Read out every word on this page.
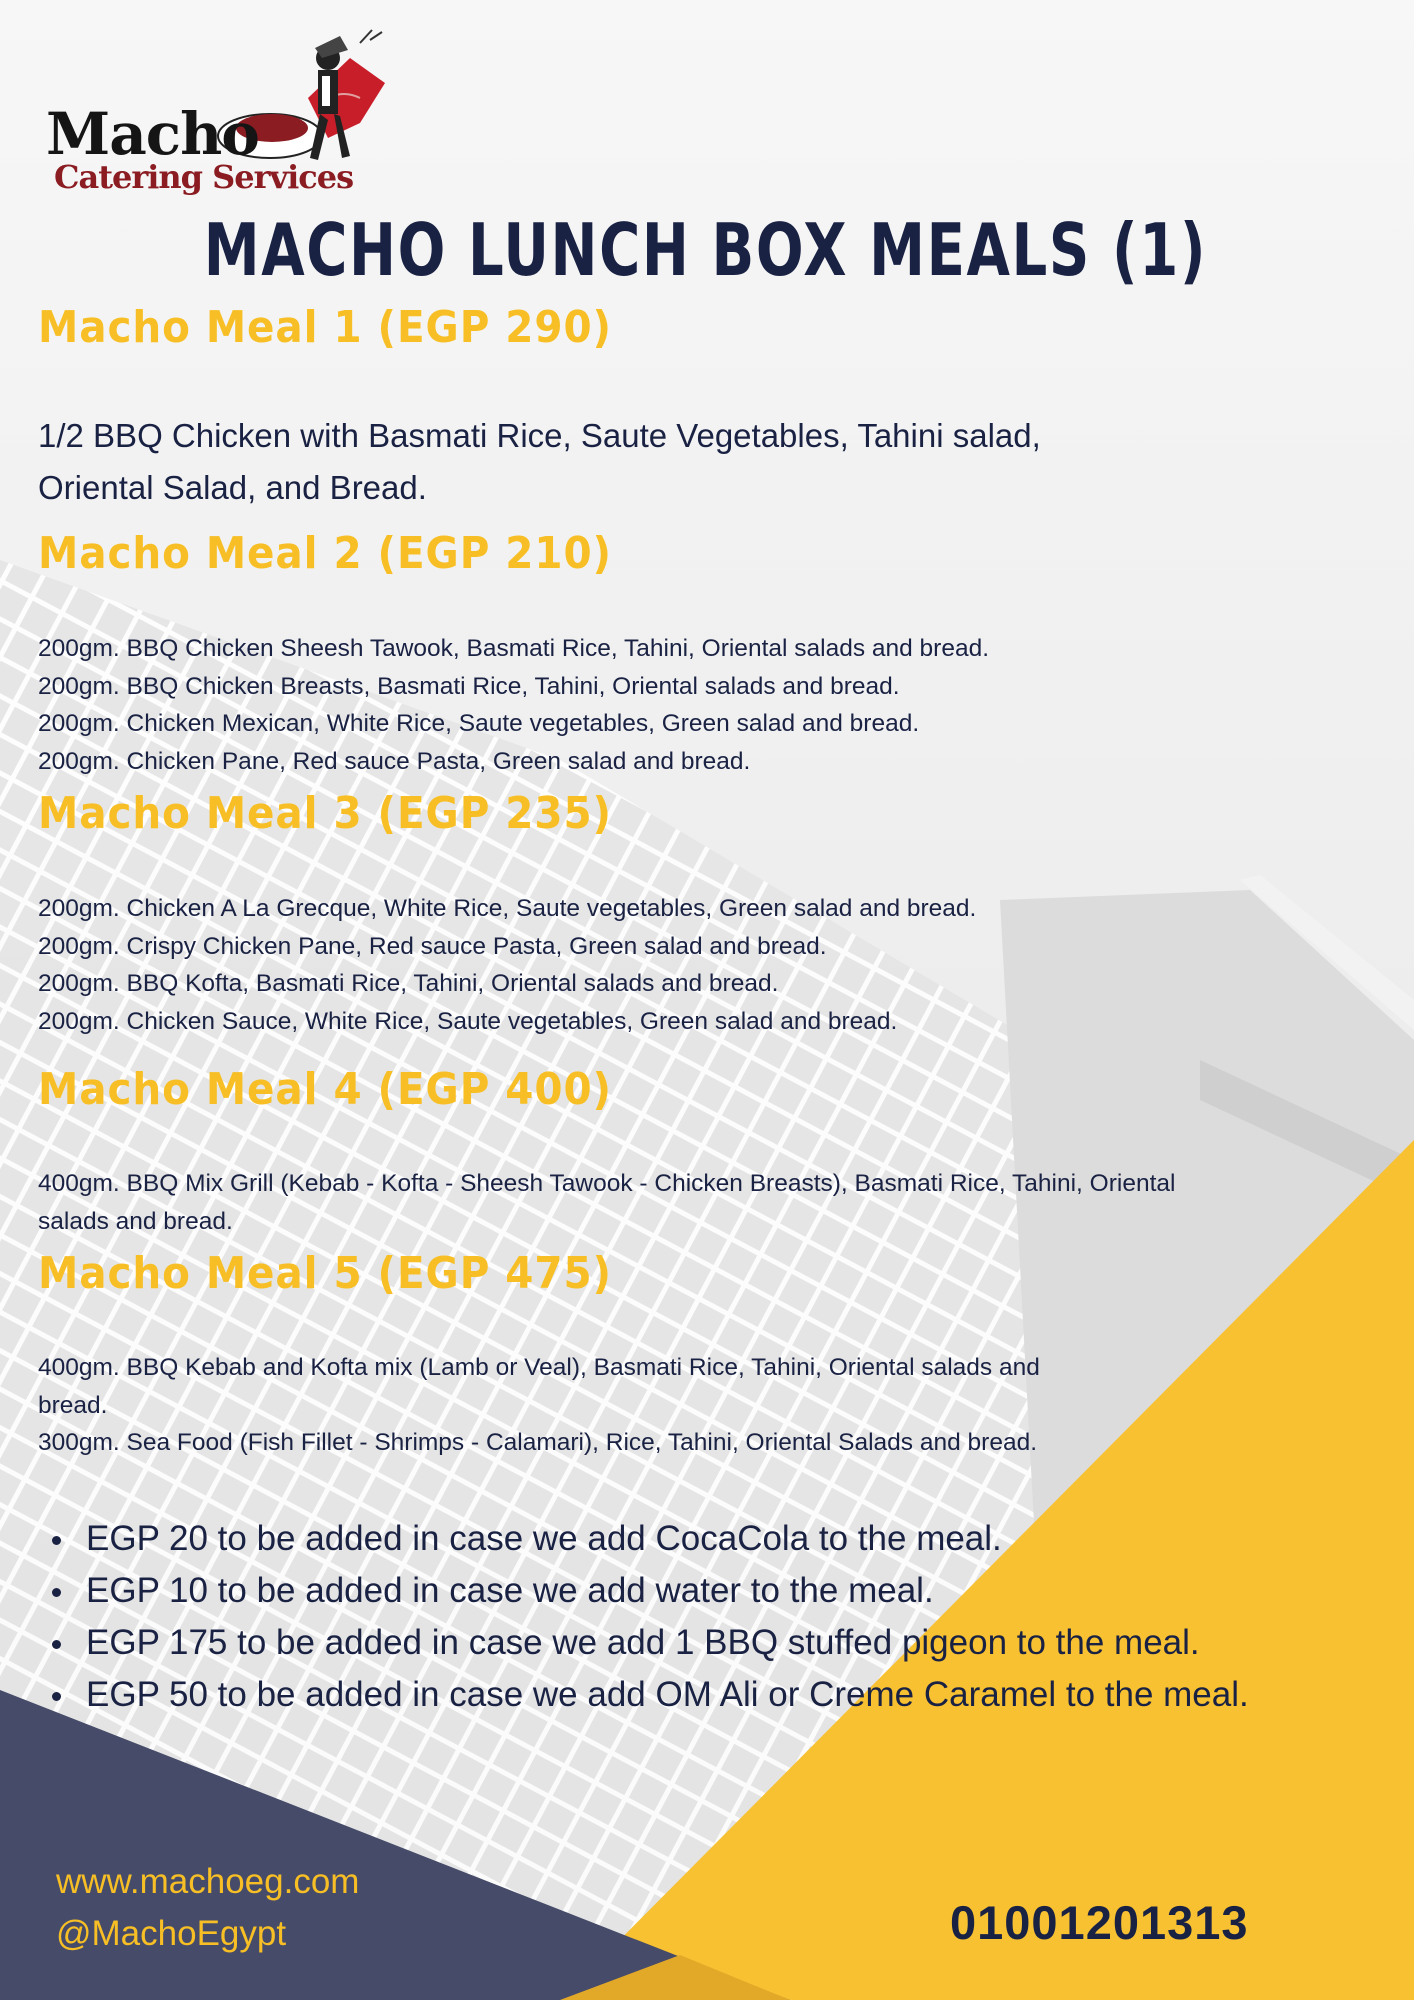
Macho
Catering Services
MACHO LUNCH BOX MEALS (1)

Macho Meal 1 (EGP 290)

1/2 BBQ Chicken with Basmati Rice, Saute Vegetables, Tahini salad,

Oriental Salad, and Bread.

Macho Meal 2 (EGP 210)

200gm. BBQ Chicken Sheesh Tawook, Basmati Rice, Tahini, Oriental salads and bread.

200gm. BBQ Chicken Breasts, Basmati Rice, Tahini, Oriental salads and bread.

200gm. Chicken Mexican, White Rice, Saute vegetables, Green salad and bread.

200gm. Chicken Pane, Red sauce Pasta, Green salad and bread.

Macho Meal 3 (EGP 235)

200gm. Chicken A La Grecque, White Rice, Saute vegetables, Green salad and bread.

200gm. Crispy Chicken Pane, Red sauce Pasta, Green salad and bread.

200gm. BBQ Kofta, Basmati Rice, Tahini, Oriental salads and bread.

200gm. Chicken Sauce, White Rice, Saute vegetables, Green salad and bread.

Macho Meal 4 (EGP 400)

400gm. BBQ Mix Grill (Kebab - Kofta - Sheesh Tawook - Chicken Breasts), Basmati Rice, Tahini, Oriental

salads and bread.

Macho Meal 5 (EGP 475)

400gm. BBQ Kebab and Kofta mix (Lamb or Veal), Basmati Rice, Tahini, Oriental salads and

bread.

300gm. Sea Food (Fish Fillet - Shrimps - Calamari), Rice, Tahini, Oriental Salads and bread.

EGP 20 to be added in case we add CocaCola to the meal.
EGP 10 to be added in case we add water to the meal.
EGP 175 to be added in case we add 1 BBQ stuffed pigeon to the meal.
EGP 50 to be added in case we add OM Ali or Creme Caramel to the meal.
www.machoeg.com
@MachoEgypt	01001201313
